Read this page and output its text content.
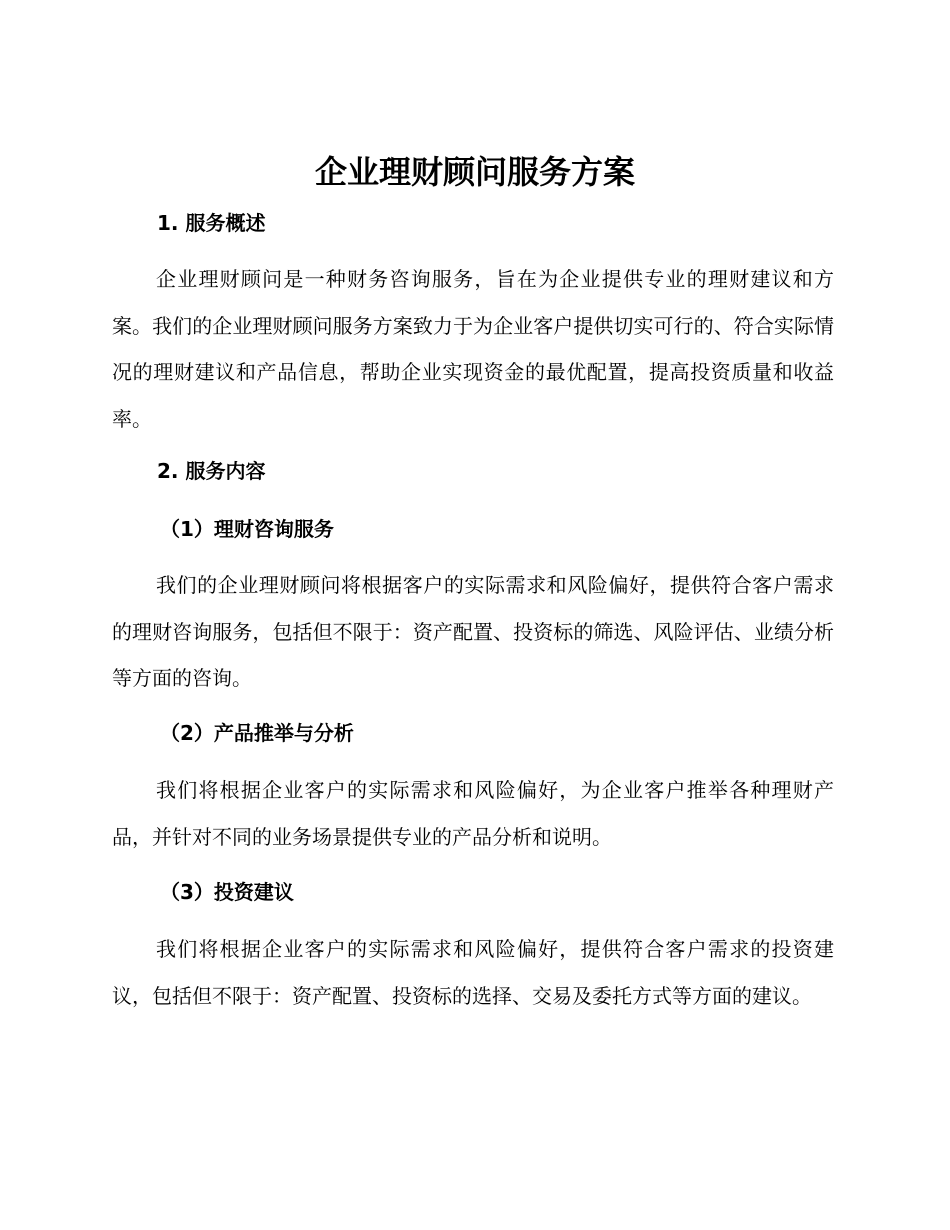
企业理财顾问服务方案
1. 服务概述
企业理财顾问是一种财务咨询服务，旨在为企业提供专业的理财建议和方案。我们的企业理财顾问服务方案致力于为企业客户提供切实可行的、符合实际情况的理财建议和产品信息，帮助企业实现资金的最优配置，提高投资质量和收益率。
2. 服务内容
（1）理财咨询服务
我们的企业理财顾问将根据客户的实际需求和风险偏好，提供符合客户需求的理财咨询服务，包括但不限于：资产配置、投资标的筛选、风险评估、业绩分析等方面的咨询。
（2）产品推举与分析
我们将根据企业客户的实际需求和风险偏好，为企业客户推举各种理财产品，并针对不同的业务场景提供专业的产品分析和说明。
（3）投资建议
我们将根据企业客户的实际需求和风险偏好，提供符合客户需求的投资建议，包括但不限于：资产配置、投资标的选择、交易及委托方式等方面的建议。
